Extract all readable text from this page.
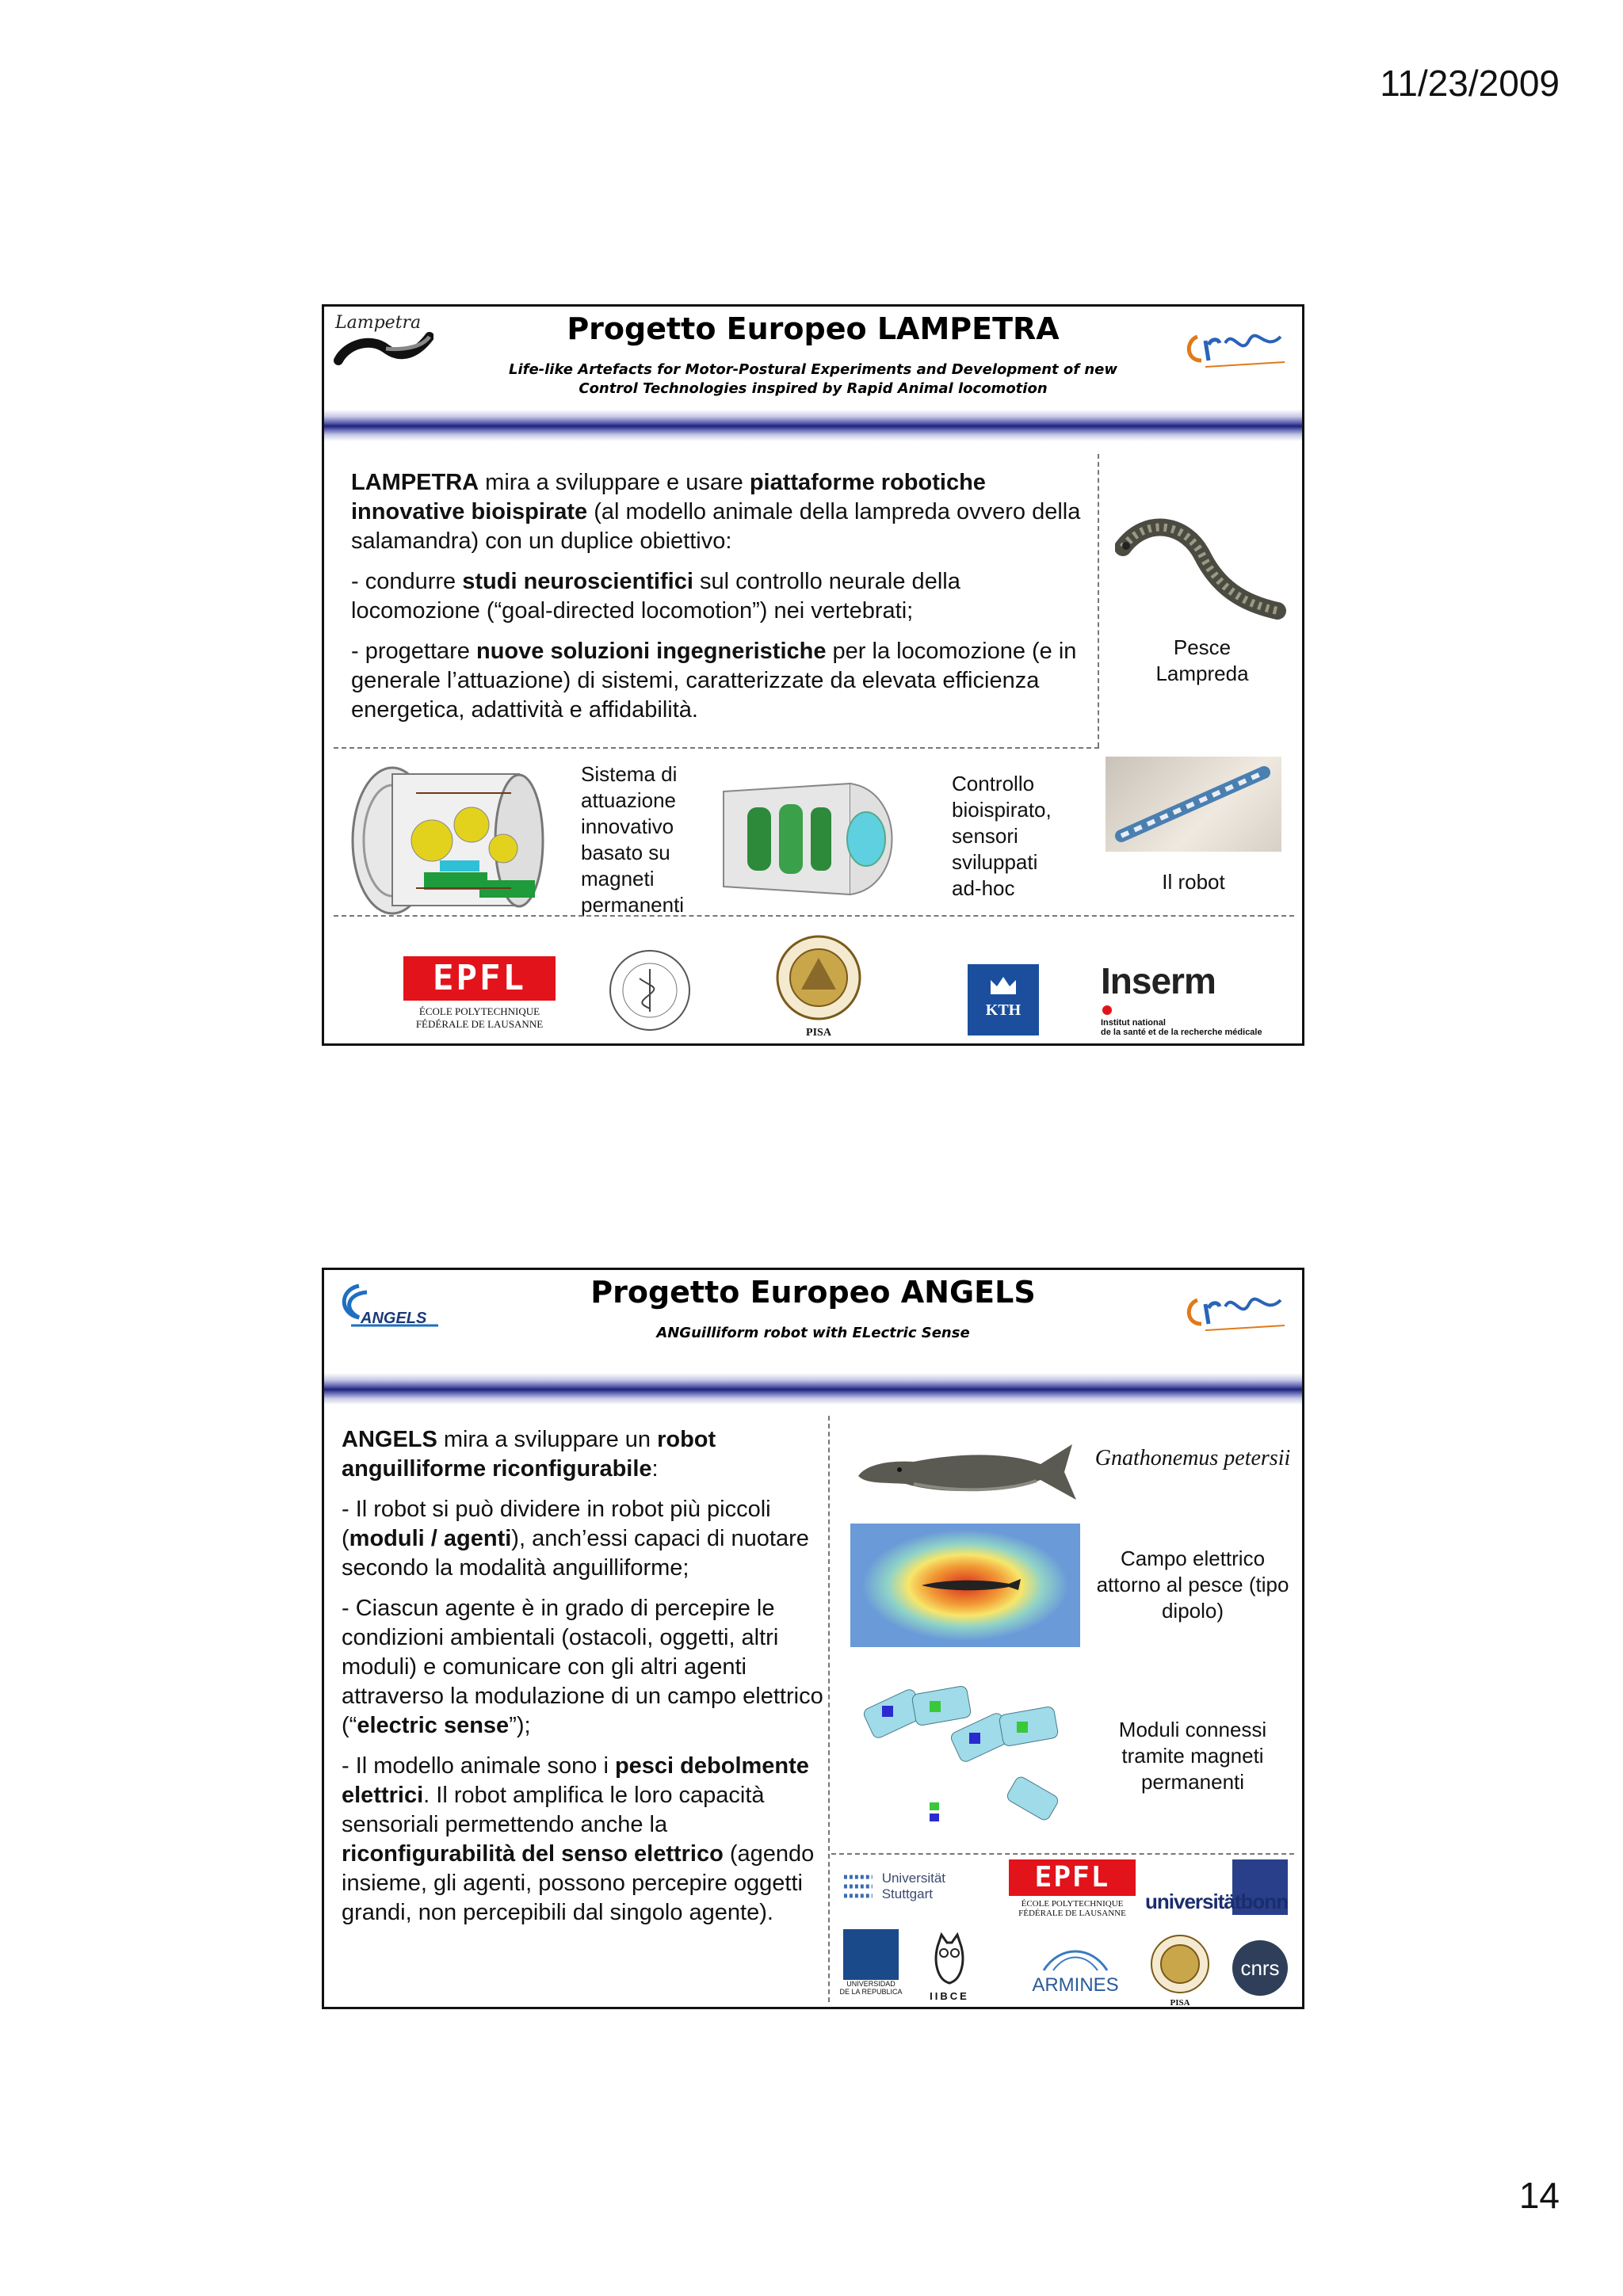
11/23/2009
Lampetra	Progetto Europeo LAMPETRA
Life-like Artefacts for Motor-Postural Experiments and Development of new
Control Technologies inspired by Rapid Animal locomotion

LAMPETRA mira a sviluppare e usare piattaforme robotiche innovative bioispirate (al modello animale della lampreda ovvero della salamandra) con un duplice obiettivo:

- condurre studi neuroscientifici sul controllo neurale della locomozione (“goal-directed locomotion”) nei vertebrati;

- progettare nuove soluzioni ingegneristiche per la locomozione (e in generale l’attuazione) di sistemi, caratterizzate da elevata efficienza energetica, adattività e affidabilità.

Pesce
Lampreda
Sistema di
attuazione
innovativo
basato su
magneti
permanenti
Controllo
bioispirato,
sensori
sviluppati
ad-hoc	Il robot
EPFL
ÉCOLE POLYTECHNIQUE
FÉDÉRALE DE LAUSANNE
PISA
KTH
Inserm
Institut national
de la santé et de la recherche médicale
ANGELS
Progetto Europeo ANGELS
ANGuilliform robot with ELectric Sense

ANGELS mira a sviluppare un robot anguilliforme riconfigurabile:

- Il robot si può dividere in robot più piccoli (moduli / agenti), anch’essi capaci di nuotare secondo la modalità anguilliforme;

- Ciascun agente è in grado di percepire le condizioni ambientali (ostacoli, oggetti, altri moduli) e comunicare con gli altri agenti attraverso la modulazione di un campo elettrico (“electric sense”);

- Il modello animale sono i pesci debolmente elettrici. Il robot amplifica le loro capacità sensoriali permettendo anche la riconfigurabilità del senso elettrico (agendo insieme, gli agenti, possono percepire oggetti grandi, non percepibili dal singolo agente).

Gnathonemus petersii
Campo elettrico
attorno al pesce (tipo
dipolo)
Moduli connessi
tramite magneti
permanenti
Universität Stuttgart
EPFL
ÉCOLE POLYTECHNIQUE
FÉDÉRALE DE LAUSANNE universitätbonn
UNIVERSIDAD
DE LA REPUBLICA	IIBCE
ARMINES
PISA
cnrs
14
